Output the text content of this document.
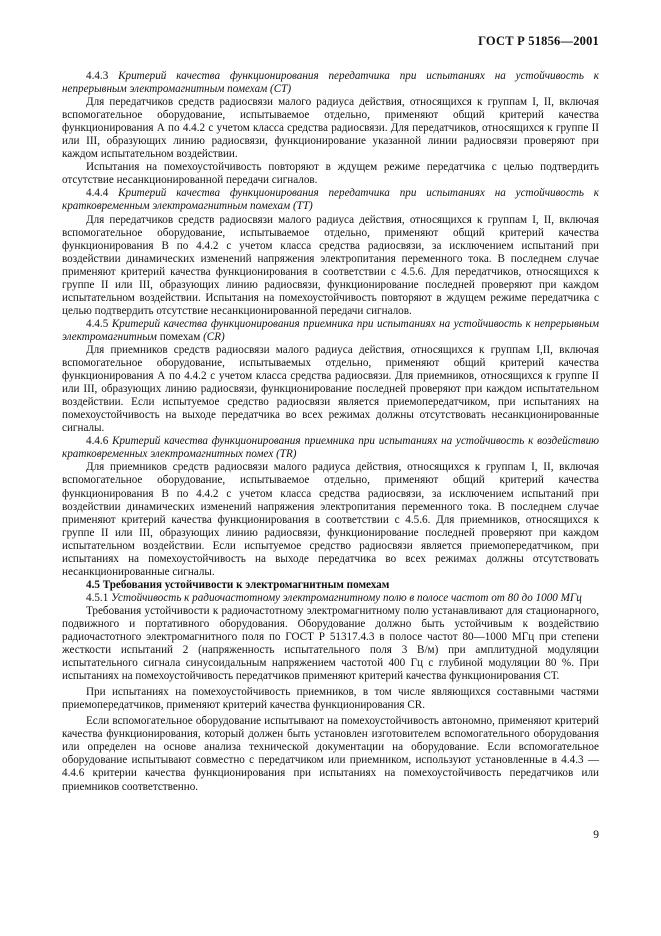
ГОСТ Р 51856—2001

4.4.3 Критерий качества функционирования передатчика при испытаниях на устойчивость к непрерывным электромагнитным помехам (СТ)

Для передатчиков средств радиосвязи малого радиуса действия, относящихся к группам I, II, включая вспомогательное оборудование, испытываемое отдельно, применяют общий критерий качества функционирования А по 4.4.2 с учетом класса средства радиосвязи. Для передатчиков, относящихся к группе II или III, образующих линию радиосвязи, функционирование указанной линии радиосвязи проверяют при каждом испытательном воздействии.

Испытания на помехоустойчивость повторяют в ждущем режиме передатчика с целью подтвердить отсутствие несанкционированной передачи сигналов.

4.4.4 Критерий качества функционирования передатчика при испытаниях на устойчивость к кратковременным электромагнитным помехам (ТТ)

Для передатчиков средств радиосвязи малого радиуса действия, относящихся к группам I, II, включая вспомогательное оборудование, испытываемое отдельно, применяют общий критерий качества функционирования В по 4.4.2 с учетом класса средства радиосвязи, за исключением испытаний при воздействии динамических изменений напряжения электропитания переменного тока. В последнем случае применяют критерий качества функционирования в соответствии с 4.5.6. Для передатчиков, относящихся к группе II или III, образующих линию радиосвязи, функционирование последней проверяют при каждом испытательном воздействии. Испытания на помехоустойчивость повторяют в ждущем режиме передатчика с целью подтвердить отсутствие несанкционированной передачи сигналов.

4.4.5 Критерий качества функционирования приемника при испытаниях на устойчивость к непрерывным электромагнитным помехам (CR)

Для приемников средств радиосвязи малого радиуса действия, относящихся к группам I,II, включая вспомогательное оборудование, испытываемых отдельно, применяют общий критерий качества функционирования А по 4.4.2 с учетом класса средства радиосвязи. Для приемников, относящихся к группе II или III, образующих линию радиосвязи, функционирование последней проверяют при каждом испытательном воздействии. Если испытуемое средство радиосвязи является приемопередатчиком, при испытаниях на помехоустойчивость на выходе передатчика во всех режимах должны отсутствовать несанкционированные сигналы.

4.4.6 Критерий качества функционирования приемника при испытаниях на устойчивость к воздействию кратковременных электромагнитных помех (TR)

Для приемников средств радиосвязи малого радиуса действия, относящихся к группам I, II, включая вспомогательное оборудование, испытываемое отдельно, применяют общий критерий качества функционирования В по 4.4.2 с учетом класса средства радиосвязи, за исключением испытаний при воздействии динамических изменений напряжения электропитания переменного тока. В последнем случае применяют критерий качества функционирования в соответствии с 4.5.6. Для приемников, относящихся к группе II или III, образующих линию радиосвязи, функционирование последней проверяют при каждом испытательном воздействии. Если испытуемое средство радиосвязи является приемопередатчиком, при испытаниях на помехоустойчивость на выходе передатчика во всех режимах должны отсутствовать несанкционированные сигналы.

4.5 Требования устойчивости к электромагнитным помехам

4.5.1 Устойчивость к радиочастотному электромагнитному полю в полосе частот от 80 до 1000 МГц

Требования устойчивости к радиочастотному электромагнитному полю устанавливают для стационарного, подвижного и портативного оборудования. Оборудование должно быть устойчивым к воздействию радиочастотного электромагнитного поля по ГОСТ Р 51317.4.3 в полосе частот 80—1000 МГц при степени жесткости испытаний 2 (напряженность испытательного поля 3 В/м) при амплитудной модуляции испытательного сигнала синусоидальным напряжением частотой 400 Гц с глубиной модуляции 80 %. При испытаниях на помехоустойчивость передатчиков применяют критерий качества функционирования СТ.

При испытаниях на помехоустойчивость приемников, в том числе являющихся составными частями приемопередатчиков, применяют критерий качества функционирования CR.

Если вспомогательное оборудование испытывают на помехоустойчивость автономно, применяют критерий качества функционирования, который должен быть установлен изготовителем вспомогательного оборудования или определен на основе анализа технической документации на оборудование. Если вспомогательное оборудование испытывают совместно с передатчиком или приемником, используют установленные в 4.4.3 — 4.4.6 критерии качества функционирования при испытаниях на помехоустойчивость передатчиков или приемников соответственно.

9
